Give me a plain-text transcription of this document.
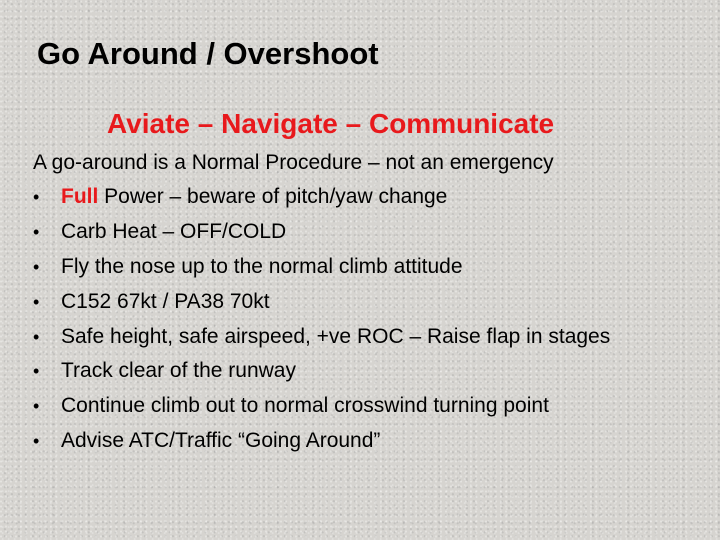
Go Around / Overshoot
Aviate – Navigate – Communicate
A go-around is a Normal Procedure – not an emergency
• Full Power – beware of pitch/yaw change
• Carb Heat – OFF/COLD
• Fly the nose up to the normal climb attitude
• C152 67kt / PA38 70kt
• Safe height, safe airspeed, +ve ROC – Raise flap in stages
• Track clear of the runway
• Continue climb out to normal crosswind turning point
• Advise ATC/Traffic “Going Around”
